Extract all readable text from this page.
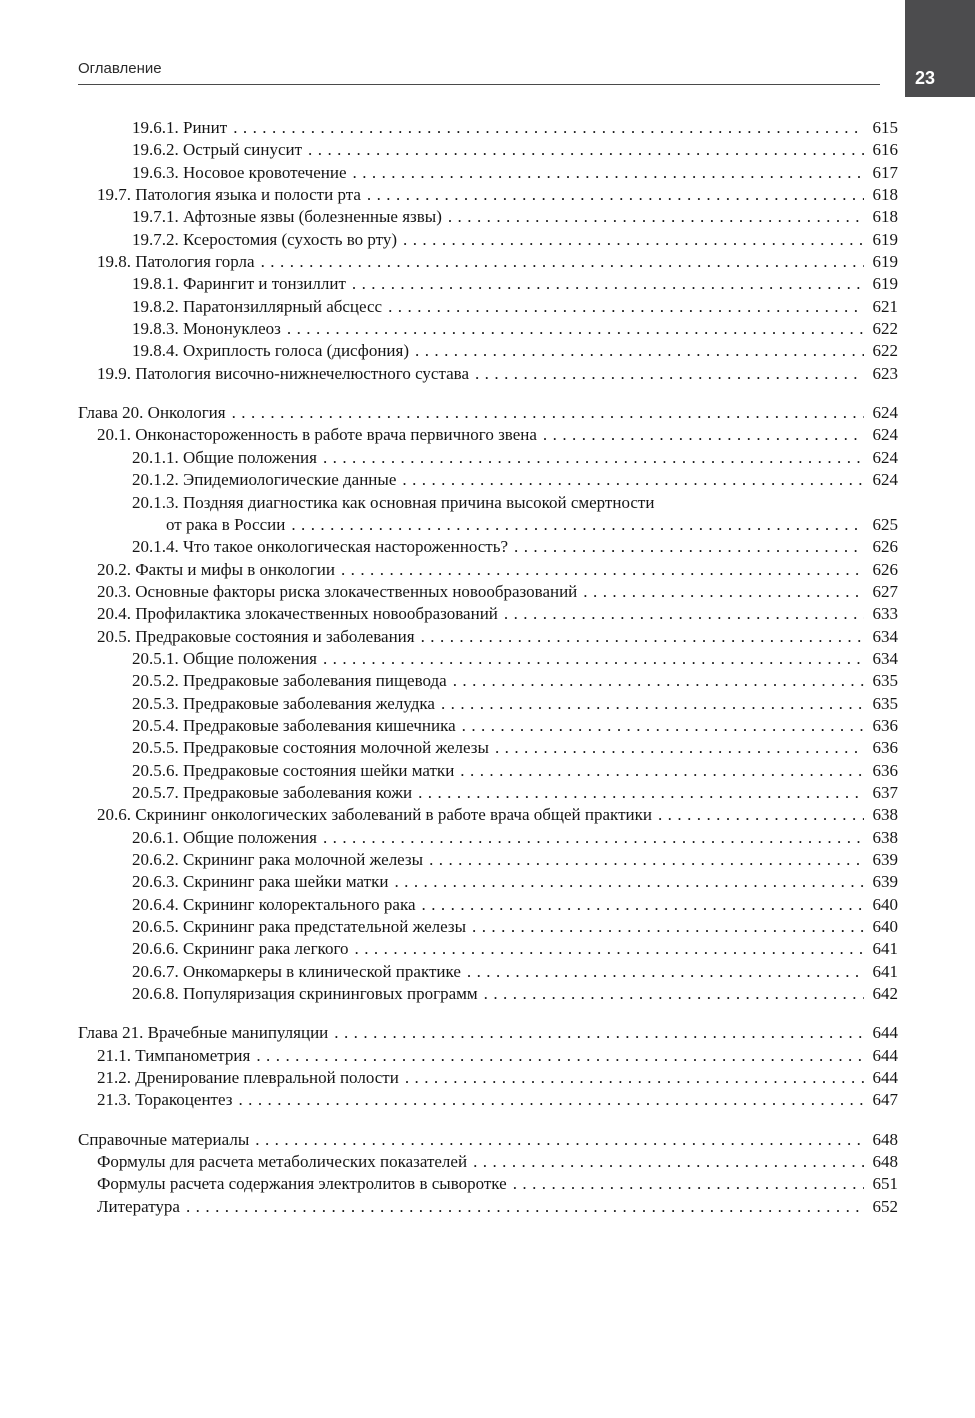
Оглавление	23
19.6.1. Ринит . . .	615
19.6.2. Острый синусит . . .	616
19.6.3. Носовое кровотечение . . .	617
19.7. Патология языка и полости рта . . .	618
19.7.1. Афтозные язвы (болезненные язвы) . . .	618
19.7.2. Ксеростомия (сухость во рту) . . .	619
19.8. Патология горла . . .	619
19.8.1. Фарингит и тонзиллит . . .	619
19.8.2. Паратонзиллярный абсцесс . . .	621
19.8.3. Мононуклеоз . . .	622
19.8.4. Охриплость голоса (дисфония) . . .	622
19.9. Патология височно-нижнечелюстного сустава . . .	623
Глава 20. Онкология . . .	624
20.1. Онконастороженность в работе врача первичного звена . . .	624
20.1.1. Общие положения . . .	624
20.1.2. Эпидемиологические данные . . .	624
20.1.3. Поздняя диагностика как основная причина высокой смертности
от рака в России . . .	625
20.1.4. Что такое онкологическая настороженность? . . .	626
20.2. Факты и мифы в онкологии . . .	626
20.3. Основные факторы риска злокачественных новообразований . . .	627
20.4. Профилактика злокачественных новообразований . . .	633
20.5. Предраковые состояния и заболевания . . .	634
20.5.1. Общие положения . . .	634
20.5.2. Предраковые заболевания пищевода . . .	635
20.5.3. Предраковые заболевания желудка . . .	635
20.5.4. Предраковые заболевания кишечника . . .	636
20.5.5. Предраковые состояния молочной железы . . .	636
20.5.6. Предраковые состояния шейки матки . . .	636
20.5.7. Предраковые заболевания кожи . . .	637
20.6. Скрининг онкологических заболеваний в работе врача общей практики . . .	638
20.6.1. Общие положения . . .	638
20.6.2. Скрининг рака молочной железы . . .	639
20.6.3. Скрининг рака шейки матки . . .	639
20.6.4. Скрининг колоректального рака . . .	640
20.6.5. Скрининг рака предстательной железы . . .	640
20.6.6. Скрининг рака легкого . . .	641
20.6.7. Онкомаркеры в клинической практике . . .	641
20.6.8. Популяризация скрининговых программ . . .	642
Глава 21. Врачебные манипуляции . . .	644
21.1. Тимпанометрия . . .	644
21.2. Дренирование плевральной полости . . .	644
21.3. Торакоцентез . . .	647
Справочные материалы . . .	648
Формулы для расчета метаболических показателей . . .	648
Формулы расчета содержания электролитов в сыворотке . . .	651
Литература . . .	652
